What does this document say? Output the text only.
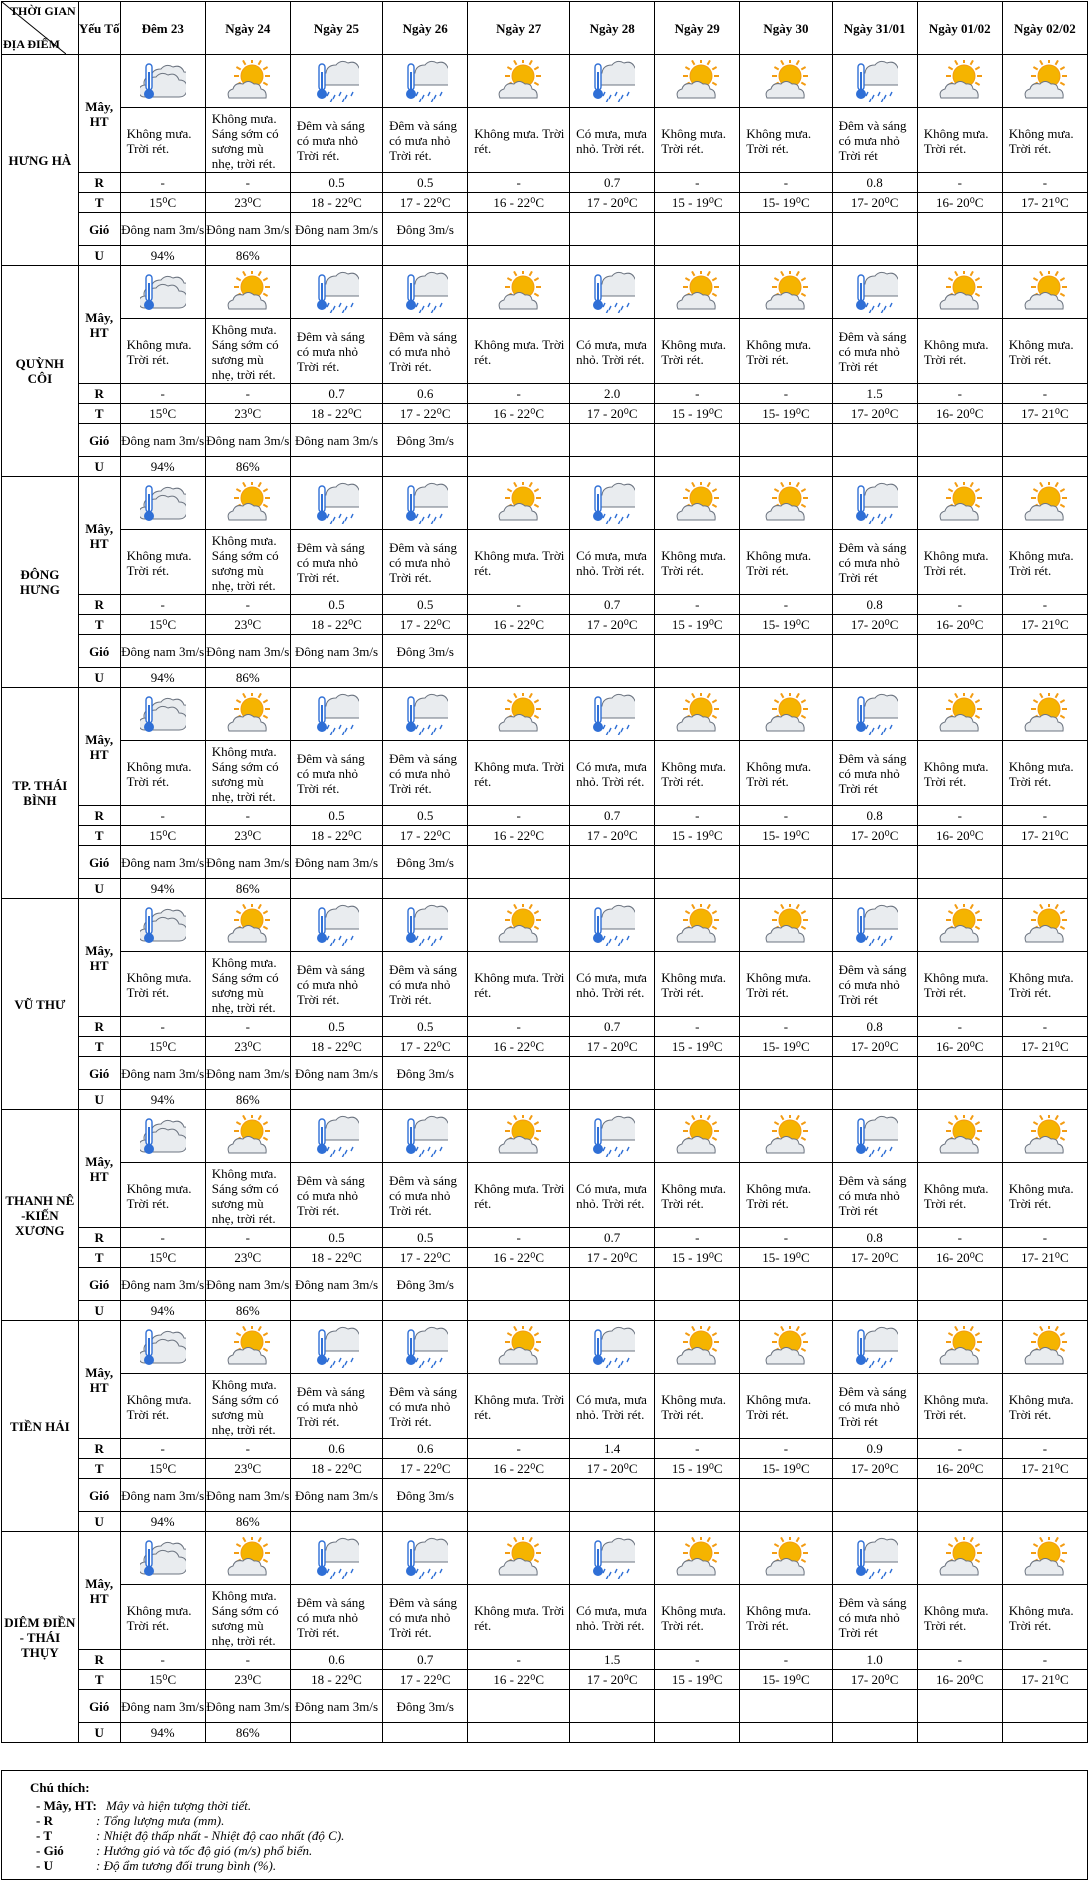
THỜI GIAN
ĐỊA ĐIỂM	Yếu Tố	Đêm 23	Ngày 24	Ngày 25	Ngày 26	Ngày 27	Ngày 28	Ngày 29	Ngày 30	Ngày 31/01	Ngày 01/02	Ngày 02/02
HƯNG HÀ	Mây, HT											
		Không mưa. Trời rét.	Không mưa. Sáng sớm có sương mù nhẹ, trời rét.	Đêm và sáng có mưa nhỏ Trời rét.	Đêm và sáng có mưa nhỏ Trời rét.	Không mưa. Trời rét.	Có mưa, mưa nhỏ. Trời rét.	Không mưa. Trời rét.	Không mưa. Trời rét.	Đêm và sáng có mưa nhỏ Trời rét	Không mưa. Trời rét.	Không mưa. Trời rét.
	R	-	-	0.5	0.5	-	0.7	-	-	0.8	-	-
	T	15⁰C	23⁰C	18 - 22⁰C	17 - 22⁰C	16 - 22⁰C	17 - 20⁰C	15 - 19⁰C	15- 19⁰C	17- 20⁰C	16- 20⁰C	17- 21⁰C
	Gió	Đông nam 3m/s	Đông nam 3m/s	Đông nam 3m/s	Đông 3m/s							
	U	94%	86%									
QUỲNH CÔI	Mây, HT											
		Không mưa. Trời rét.	Không mưa. Sáng sớm có sương mù nhẹ, trời rét.	Đêm và sáng có mưa nhỏ Trời rét.	Đêm và sáng có mưa nhỏ Trời rét.	Không mưa. Trời rét.	Có mưa, mưa nhỏ. Trời rét.	Không mưa. Trời rét.	Không mưa. Trời rét.	Đêm và sáng có mưa nhỏ Trời rét	Không mưa. Trời rét.	Không mưa. Trời rét.
	R	-	-	0.7	0.6	-	2.0	-	-	1.5	-	-
	T	15⁰C	23⁰C	18 - 22⁰C	17 - 22⁰C	16 - 22⁰C	17 - 20⁰C	15 - 19⁰C	15- 19⁰C	17- 20⁰C	16- 20⁰C	17- 21⁰C
	Gió	Đông nam 3m/s	Đông nam 3m/s	Đông nam 3m/s	Đông 3m/s							
	U	94%	86%									
ĐÔNG HƯNG	Mây, HT											
		Không mưa. Trời rét.	Không mưa. Sáng sớm có sương mù nhẹ, trời rét.	Đêm và sáng có mưa nhỏ Trời rét.	Đêm và sáng có mưa nhỏ Trời rét.	Không mưa. Trời rét.	Có mưa, mưa nhỏ. Trời rét.	Không mưa. Trời rét.	Không mưa. Trời rét.	Đêm và sáng có mưa nhỏ Trời rét	Không mưa. Trời rét.	Không mưa. Trời rét.
	R	-	-	0.5	0.5	-	0.7	-	-	0.8	-	-
	T	15⁰C	23⁰C	18 - 22⁰C	17 - 22⁰C	16 - 22⁰C	17 - 20⁰C	15 - 19⁰C	15- 19⁰C	17- 20⁰C	16- 20⁰C	17- 21⁰C
	Gió	Đông nam 3m/s	Đông nam 3m/s	Đông nam 3m/s	Đông 3m/s							
	U	94%	86%									
TP. THÁI BÌNH	Mây, HT											
		Không mưa. Trời rét.	Không mưa. Sáng sớm có sương mù nhẹ, trời rét.	Đêm và sáng có mưa nhỏ Trời rét.	Đêm và sáng có mưa nhỏ Trời rét.	Không mưa. Trời rét.	Có mưa, mưa nhỏ. Trời rét.	Không mưa. Trời rét.	Không mưa. Trời rét.	Đêm và sáng có mưa nhỏ Trời rét	Không mưa. Trời rét.	Không mưa. Trời rét.
	R	-	-	0.5	0.5	-	0.7	-	-	0.8	-	-
	T	15⁰C	23⁰C	18 - 22⁰C	17 - 22⁰C	16 - 22⁰C	17 - 20⁰C	15 - 19⁰C	15- 19⁰C	17- 20⁰C	16- 20⁰C	17- 21⁰C
	Gió	Đông nam 3m/s	Đông nam 3m/s	Đông nam 3m/s	Đông 3m/s							
	U	94%	86%									
VŨ THƯ	Mây, HT											
		Không mưa. Trời rét.	Không mưa. Sáng sớm có sương mù nhẹ, trời rét.	Đêm và sáng có mưa nhỏ Trời rét.	Đêm và sáng có mưa nhỏ Trời rét.	Không mưa. Trời rét.	Có mưa, mưa nhỏ. Trời rét.	Không mưa. Trời rét.	Không mưa. Trời rét.	Đêm và sáng có mưa nhỏ Trời rét	Không mưa. Trời rét.	Không mưa. Trời rét.
	R	-	-	0.5	0.5	-	0.7	-	-	0.8	-	-
	T	15⁰C	23⁰C	18 - 22⁰C	17 - 22⁰C	16 - 22⁰C	17 - 20⁰C	15 - 19⁰C	15- 19⁰C	17- 20⁰C	16- 20⁰C	17- 21⁰C
	Gió	Đông nam 3m/s	Đông nam 3m/s	Đông nam 3m/s	Đông 3m/s							
	U	94%	86%									
THANH NÊ -KIẾN XƯƠNG	Mây, HT											
		Không mưa. Trời rét.	Không mưa. Sáng sớm có sương mù nhẹ, trời rét.	Đêm và sáng có mưa nhỏ Trời rét.	Đêm và sáng có mưa nhỏ Trời rét.	Không mưa. Trời rét.	Có mưa, mưa nhỏ. Trời rét.	Không mưa. Trời rét.	Không mưa. Trời rét.	Đêm và sáng có mưa nhỏ Trời rét	Không mưa. Trời rét.	Không mưa. Trời rét.
	R	-	-	0.5	0.5	-	0.7	-	-	0.8	-	-
	T	15⁰C	23⁰C	18 - 22⁰C	17 - 22⁰C	16 - 22⁰C	17 - 20⁰C	15 - 19⁰C	15- 19⁰C	17- 20⁰C	16- 20⁰C	17- 21⁰C
	Gió	Đông nam 3m/s	Đông nam 3m/s	Đông nam 3m/s	Đông 3m/s							
	U	94%	86%									
TIỀN HẢI	Mây, HT											
		Không mưa. Trời rét.	Không mưa. Sáng sớm có sương mù nhẹ, trời rét.	Đêm và sáng có mưa nhỏ Trời rét.	Đêm và sáng có mưa nhỏ Trời rét.	Không mưa. Trời rét.	Có mưa, mưa nhỏ. Trời rét.	Không mưa. Trời rét.	Không mưa. Trời rét.	Đêm và sáng có mưa nhỏ Trời rét	Không mưa. Trời rét.	Không mưa. Trời rét.
	R	-	-	0.6	0.6	-	1.4	-	-	0.9	-	-
	T	15⁰C	23⁰C	18 - 22⁰C	17 - 22⁰C	16 - 22⁰C	17 - 20⁰C	15 - 19⁰C	15- 19⁰C	17- 20⁰C	16- 20⁰C	17- 21⁰C
	Gió	Đông nam 3m/s	Đông nam 3m/s	Đông nam 3m/s	Đông 3m/s							
	U	94%	86%									
DIÊM ĐIỀN - THÁI THỤY	Mây, HT											
		Không mưa. Trời rét.	Không mưa. Sáng sớm có sương mù nhẹ, trời rét.	Đêm và sáng có mưa nhỏ Trời rét.	Đêm và sáng có mưa nhỏ Trời rét.	Không mưa. Trời rét.	Có mưa, mưa nhỏ. Trời rét.	Không mưa. Trời rét.	Không mưa. Trời rét.	Đêm và sáng có mưa nhỏ Trời rét	Không mưa. Trời rét.	Không mưa. Trời rét.
	R	-	-	0.6	0.7	-	1.5	-	-	1.0	-	-
	T	15⁰C	23⁰C	18 - 22⁰C	17 - 22⁰C	16 - 22⁰C	17 - 20⁰C	15 - 19⁰C	15- 19⁰C	17- 20⁰C	16- 20⁰C	17- 21⁰C
	Gió	Đông nam 3m/s	Đông nam 3m/s	Đông nam 3m/s	Đông 3m/s							
	U	94%	86%									
Chú thích:
- Mây, HT: Mây và hiện tượng thời tiết.
- R	: Tổng lượng mưa (mm).
- T	: Nhiệt độ thấp nhất - Nhiệt độ cao nhất (độ C).
- Gió : Hướng gió và tốc độ gió (m/s) phổ biến.
- U	: Độ ẩm tương đối trung bình (%).
